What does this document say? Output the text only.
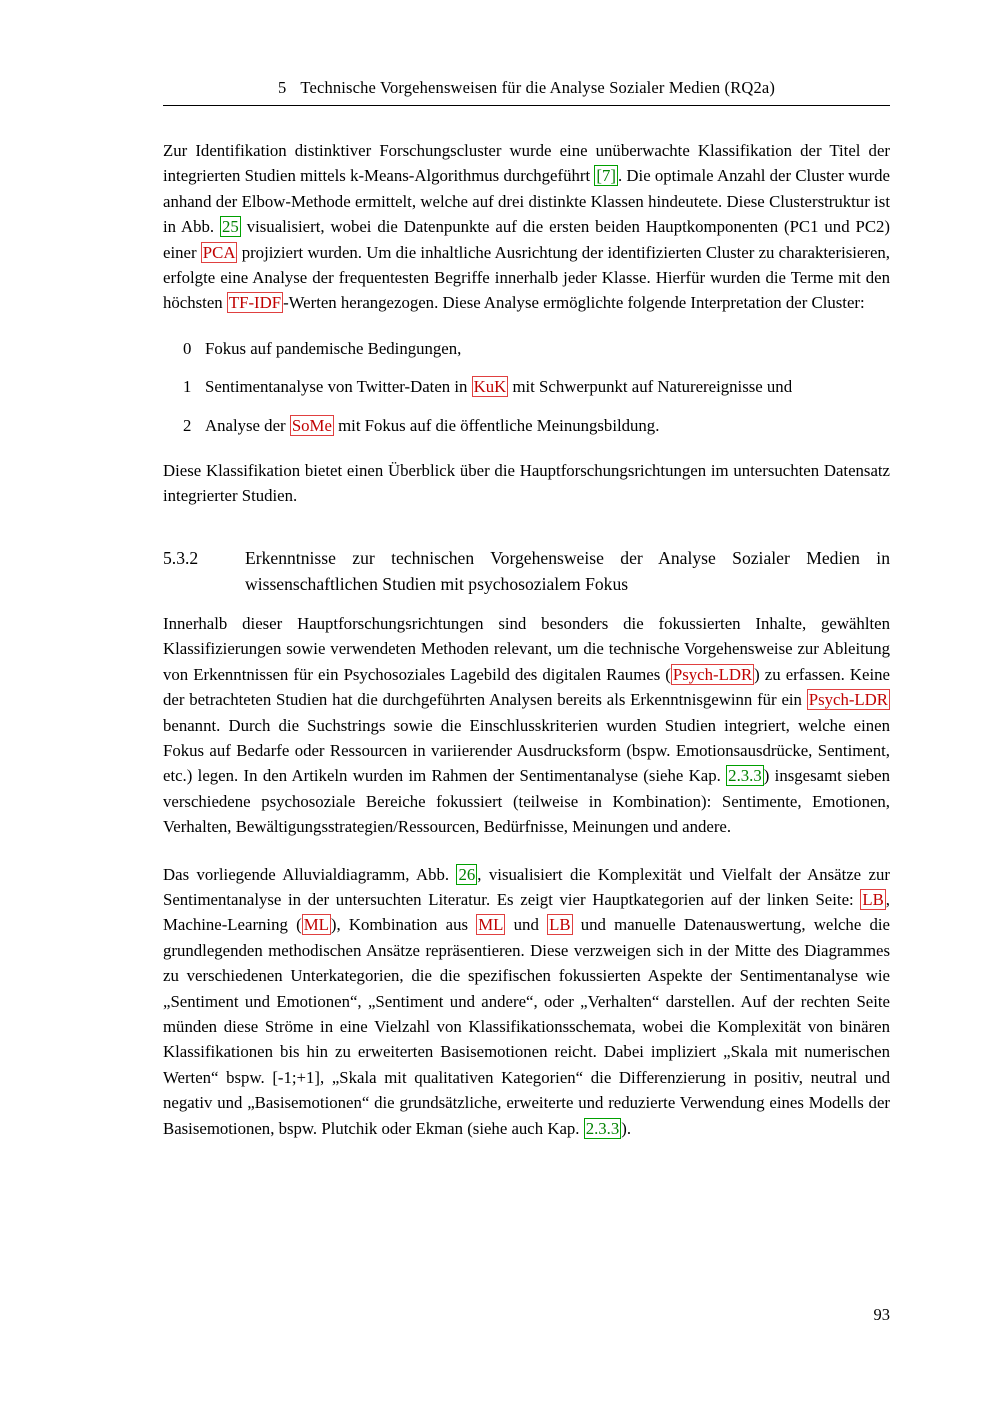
5 Technische Vorgehensweisen für die Analyse Sozialer Medien (RQ2a)

Zur Identifikation distinktiver Forschungscluster wurde eine unüberwachte Klassifikation der Titel der integrierten Studien mittels k-Means-Algorithmus durchgeführt [7] . Die optimale Anzahl der Cluster wurde anhand der Elbow-Methode ermittelt, welche auf drei distinkte Klassen hindeutete. Diese Clusterstruktur ist in Abb. 25 visualisiert, wobei die Datenpunkte auf die ersten beiden Hauptkomponenten (PC1 und PC2) einer PCA projiziert wurden. Um die inhaltliche Ausrichtung der identifizierten Cluster zu charakterisieren, erfolgte eine Analyse der frequentesten Begriffe innerhalb jeder Klasse. Hierfür wurden die Terme mit den höchsten TF-IDF -Werten herangezogen. Diese Analyse ermöglichte folgende Interpretation der Cluster:

0 Fokus auf pandemische Bedingungen,
1 Sentimentanalyse von Twitter-Daten in KuK mit Schwerpunkt auf Naturereignisse und
2 Analyse der SoMe mit Fokus auf die öffentliche Meinungsbildung.

Diese Klassifikation bietet einen Überblick über die Hauptforschungsrichtungen im untersuchten Datensatz integrierter Studien.

5.3.2	Erkenntnisse zur technischen Vorgehensweise der Analyse Sozialer Medien in wissenschaftlichen Studien mit psychosozialem Fokus

Innerhalb dieser Hauptforschungsrichtungen sind besonders die fokussierten Inhalte, gewählten Klassifizierungen sowie verwendeten Methoden relevant, um die technische Vorgehensweise zur Ableitung von Erkenntnissen für ein Psychosoziales Lagebild des digitalen Raumes ( Psych-LDR ) zu erfassen. Keine der betrachteten Studien hat die durchgeführten Analysen bereits als Erkenntnisgewinn für ein Psych-LDR benannt. Durch die Suchstrings sowie die Einschlusskriterien wurden Studien integriert, welche einen Fokus auf Bedarfe oder Ressourcen in variierender Ausdrucksform (bspw. Emotionsausdrücke, Sentiment, etc.) legen. In den Artikeln wurden im Rahmen der Sentimentanalyse (siehe Kap. 2.3.3 ) insgesamt sieben verschiedene psychosoziale Bereiche fokussiert (teilweise in Kombination): Sentimente, Emotionen, Verhalten, Bewältigungsstrategien/Ressourcen, Bedürfnisse, Meinungen und andere.

Das vorliegende Alluvialdiagramm, Abb. 26 , visualisiert die Komplexität und Vielfalt der Ansätze zur Sentimentanalyse in der untersuchten Literatur. Es zeigt vier Hauptkategorien auf der linken Seite: LB , Machine-Learning ( ML ), Kombination aus ML und LB und manuelle Datenauswertung, welche die grundlegenden methodischen Ansätze repräsentieren. Diese verzweigen sich in der Mitte des Diagrammes zu verschiedenen Unterkategorien, die die spezifischen fokussierten Aspekte der Sentimentanalyse wie „Sentiment und Emotionen“, „Sentiment und andere“, oder „Verhalten“ darstellen. Auf der rechten Seite münden diese Ströme in eine Vielzahl von Klassifikationsschemata, wobei die Komplexität von binären Klassifikationen bis hin zu erweiterten Basisemotionen reicht. Dabei impliziert „Skala mit numerischen Werten“ bspw. [-1;+1], „Skala mit qualitativen Kategorien“ die Differenzierung in positiv, neutral und negativ und „Basisemotionen“ die grundsätzliche, erweiterte und reduzierte Verwendung eines Modells der Basisemotionen, bspw. Plutchik oder Ekman (siehe auch Kap. 2.3.3 ).

93
